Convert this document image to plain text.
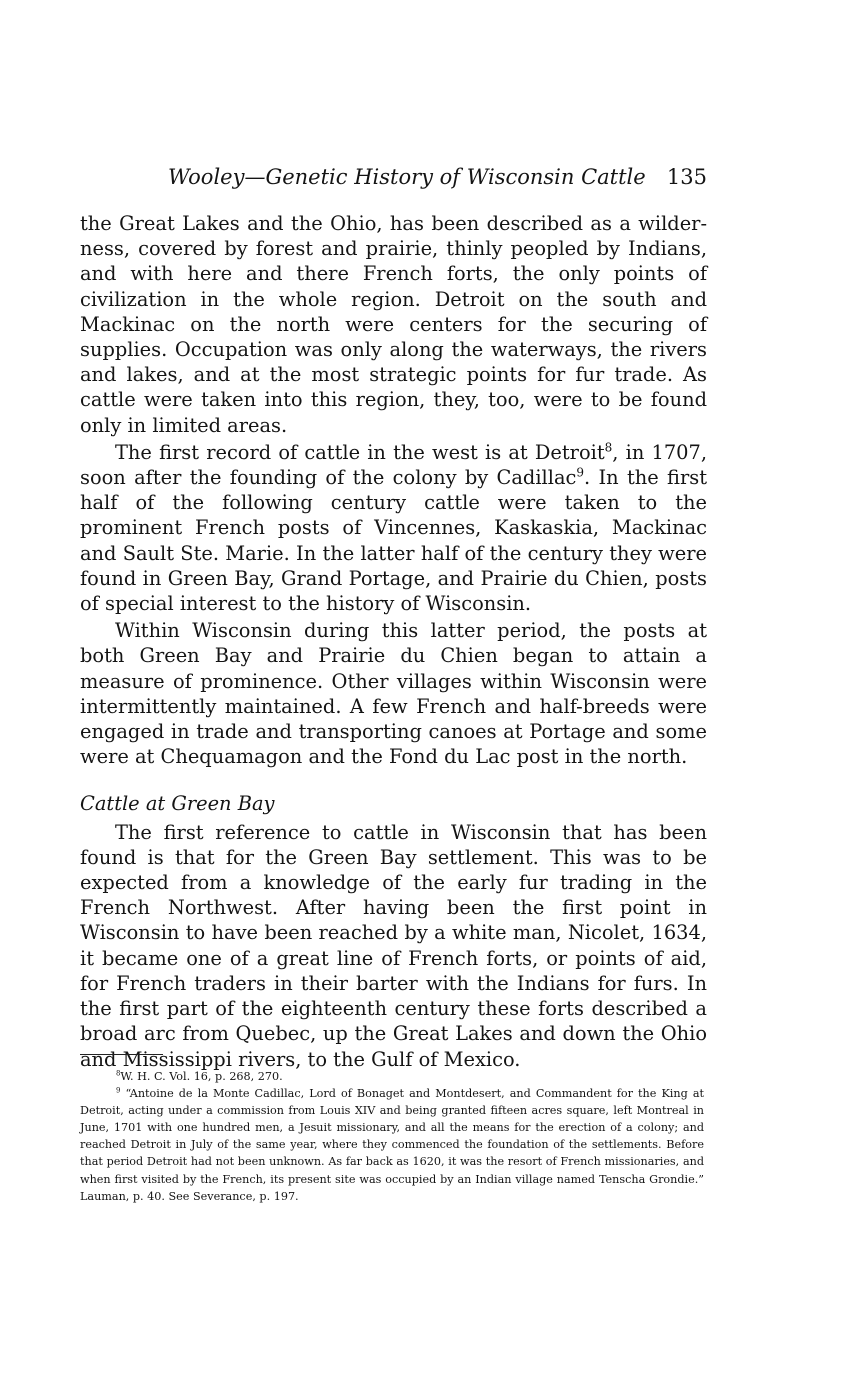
Wooley—Genetic History of Wisconsin Cattle 135

the Great Lakes and the Ohio, has been described as a wilderness, covered by forest and prairie, thinly peopled by Indians, and with here and there French forts, the only points of civilization in the whole region. Detroit on the south and Mackinac on the north were centers for the securing of supplies. Occupation was only along the waterways, the rivers and lakes, and at the most strategic points for fur trade. As cattle were taken into this region, they, too, were to be found only in limited areas.

The first record of cattle in the west is at Detroit$^8$, in 1707, soon after the founding of the colony by Cadillac$^9$. In the first half of the following century cattle were taken to the prominent French posts of Vincennes, Kaskaskia, Mackinac and Sault Ste. Marie. In the latter half of the century they were found in Green Bay, Grand Portage, and Prairie du Chien, posts of special interest to the history of Wisconsin.

Within Wisconsin during this latter period, the posts at both Green Bay and Prairie du Chien began to attain a measure of prominence. Other villages within Wisconsin were intermittently maintained. A few French and half-breeds were engaged in trade and transporting canoes at Portage and some were at Chequamagon and the Fond du Lac post in the north.

Cattle at Green Bay

The first reference to cattle in Wisconsin that has been found is that for the Green Bay settlement. This was to be expected from a knowledge of the early fur trading in the French Northwest. After having been the first point in Wisconsin to have been reached by a white man, Nicolet, 1634, it became one of a great line of French forts, or points of aid, for French traders in their barter with the Indians for furs. In the first part of the eighteenth century these forts described a broad arc from Quebec, up the Great Lakes and down the Ohio and Mississippi rivers, to the Gulf of Mexico.

$^8$W. H. C. Vol. 16, p. 268, 270.

$^9$ “Antoine de la Monte Cadillac, Lord of Bonaget and Montdesert, and Commandent for the King at Detroit, acting under a commission from Louis XIV and being granted fifteen acres square, left Montreal in June, 1701 with one hundred men, a Jesuit missionary, and all the means for the erection of a colony; and reached Detroit in July of the same year, where they commenced the foundation of the settlements. Before that period Detroit had not been unknown. As far back as 1620, it was the resort of French missionaries, and when first visited by the French, its present site was occupied by an Indian village named Tenscha Grondie.” Lauman, p. 40. See Severance, p. 197.
